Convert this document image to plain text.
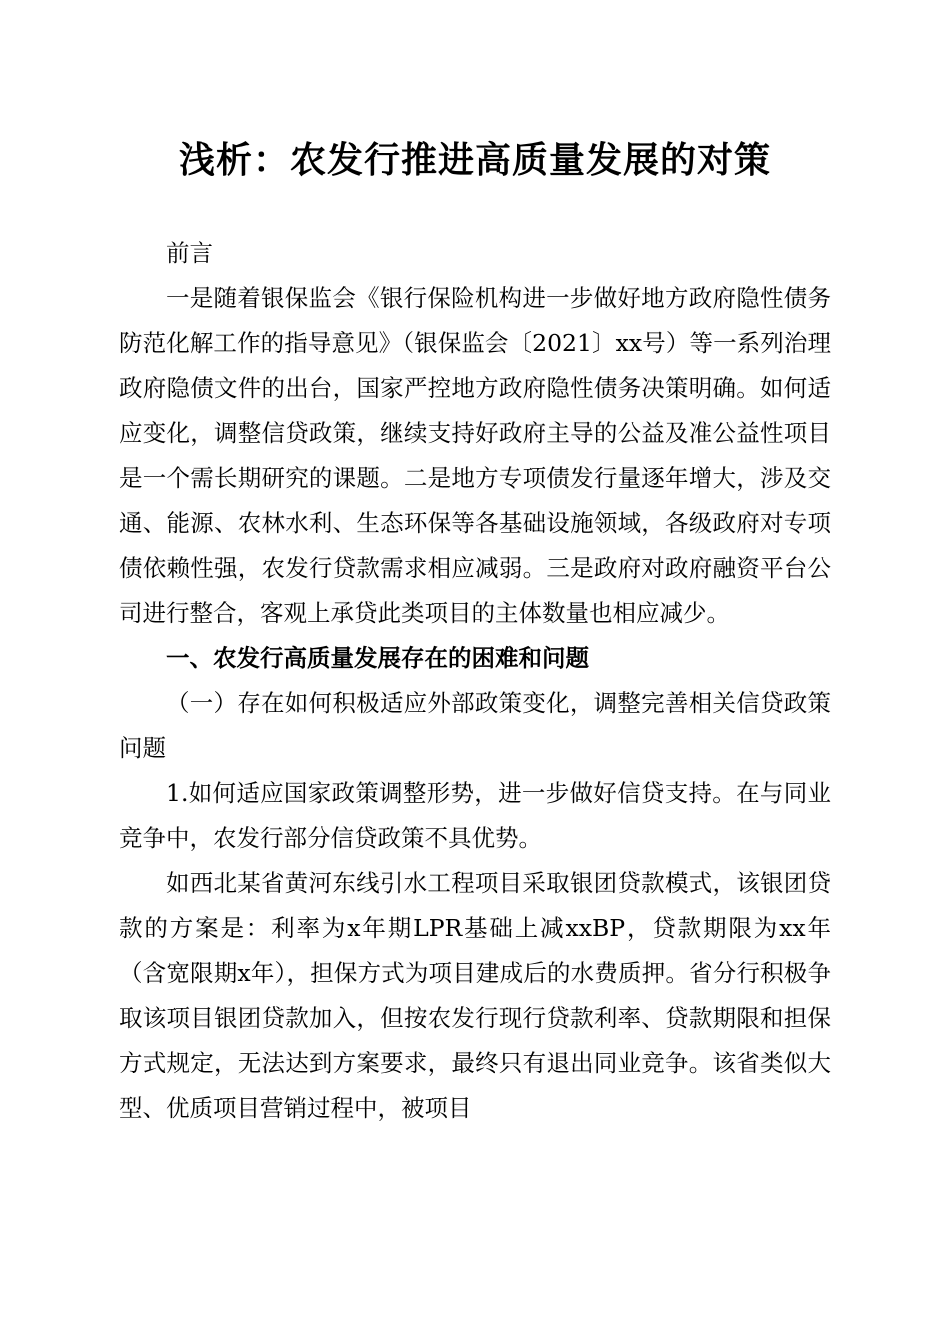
浅析：农发行推进高质量发展的对策

前言

一是随着银保监会《银行保险机构进一步做好地方政府隐性债务防范化解工作的指导意见》（银保监会〔2021〕xx号）等一系列治理政府隐债文件的出台，国家严控地方政府隐性债务决策明确。如何适应变化，调整信贷政策，继续支持好政府主导的公益及准公益性项目是一个需长期研究的课题。二是地方专项债发行量逐年增大，涉及交通、能源、农林水利、生态环保等各基础设施领域，各级政府对专项债依赖性强，农发行贷款需求相应减弱。三是政府对政府融资平台公司进行整合，客观上承贷此类项目的主体数量也相应减少。

一、农发行高质量发展存在的困难和问题

（一）存在如何积极适应外部政策变化，调整完善相关信贷政策问题

1.如何适应国家政策调整形势，进一步做好信贷支持。在与同业竞争中，农发行部分信贷政策不具优势。

如西北某省黄河东线引水工程项目采取银团贷款模式，该银团贷款的方案是：利率为x年期LPR基础上减xxBP，贷款期限为xx年（含宽限期x年），担保方式为项目建成后的水费质押。省分行积极争取该项目银团贷款加入，但按农发行现行贷款利率、贷款期限和担保方式规定，无法达到方案要求，最终只有退出同业竞争。该省类似大型、优质项目营销过程中，被项目
